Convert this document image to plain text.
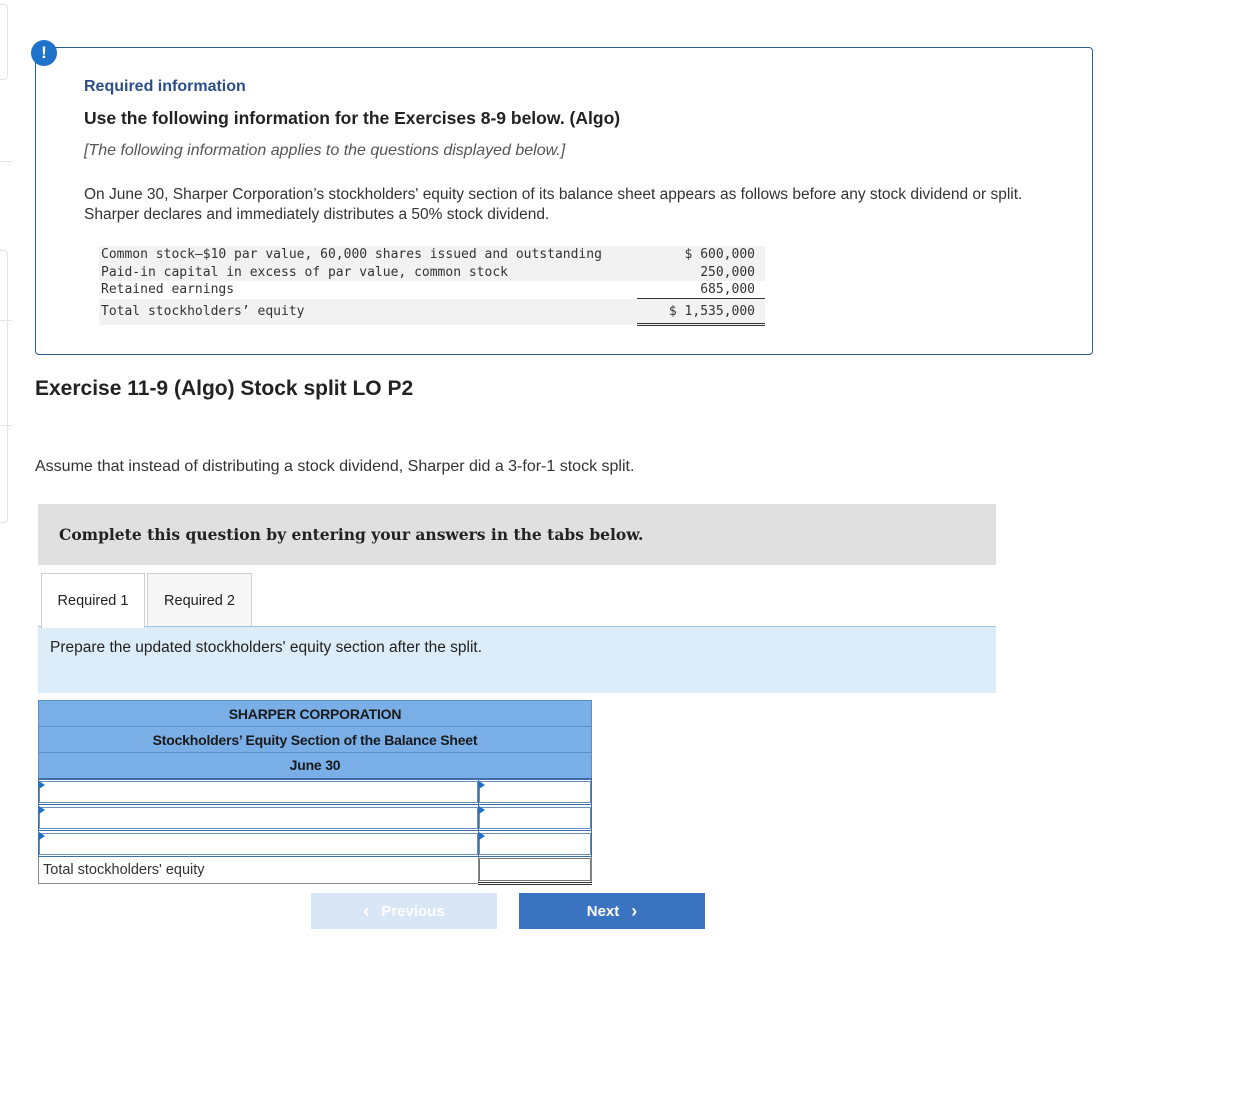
Required information
Use the following information for the Exercises 8-9 below. (Algo)
[The following information applies to the questions displayed below.]
On June 30, Sharper Corporation’s stockholders' equity section of its balance sheet appears as follows before any stock dividend or split. Sharper declares and immediately distributes a 50% stock dividend.
Common stock—$10 par value, 60,000 shares issued and outstanding	$ 600,000
Paid-in capital in excess of par value, common stock	250,000
Retained earnings	685,000
Total stockholders’ equity	$ 1,535,000
!
Exercise 11-9 (Algo) Stock split LO P2
Assume that instead of distributing a stock dividend, Sharper did a 3-for-1 stock split.
Complete this question by entering your answers in the tabs below.
Required 1 Required 2
Prepare the updated stockholders' equity section after the split.
SHARPER CORPORATION	
Stockholders’ Equity Section of the Balance Sheet	
June 30	

Total stockholders' equity	
‹ Previous	Next ›
